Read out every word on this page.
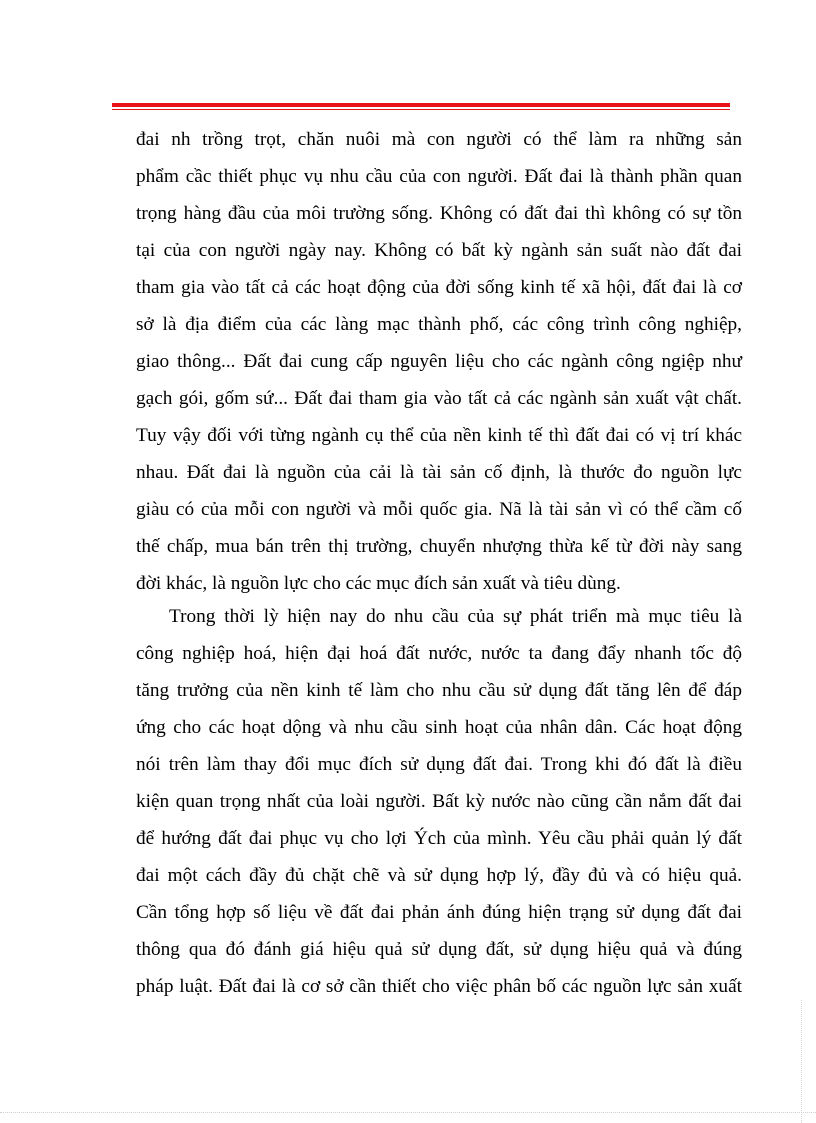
đai nh trồng trọt, chăn nuôi mà con người có thể làm ra những sản
phẩm cầc thiết phục vụ nhu cầu của con người. Đất đai là thành phần quan
trọng hàng đầu của môi trường sống. Không có đất đai thì không có sự tồn
tại của con người ngày nay. Không có bất kỳ ngành sản suất nào đất đai
tham gia vào tất cả các hoạt động của đời sống kinh tế xã hội, đất đai là cơ
sở là địa điểm của các làng mạc thành phố, các công trình công nghiệp,
giao thông... Đất đai cung cấp nguyên liệu cho các ngành công ngiệp như
gạch gói, gốm sứ... Đất đai tham gia vào tất cả các ngành sản xuất vật chất.
Tuy vậy đối với từng ngành cụ thể của nền kinh tế thì đất đai có vị trí khác
nhau. Đất đai là nguồn của cải là tài sản cố định, là thước đo nguồn lực
giàu có của mỗi con người và mỗi quốc gia. Nã là tài sản vì có thể cầm cố
thế chấp, mua bán trên thị trường, chuyển nhượng thừa kế từ đời này sang
đời khác, là nguồn lực cho các mục đích sản xuất và tiêu dùng.
Trong thời lỳ hiện nay do nhu cầu của sự phát triển mà mục tiêu là
công nghiệp hoá, hiện đại hoá đất nước, nước ta đang đẩy nhanh tốc độ
tăng trưởng của nền kinh tế làm cho nhu cầu sử dụng đất tăng lên để đáp
ứng cho các hoạt dộng và nhu cầu sinh hoạt của nhân dân. Các hoạt động
nói trên làm thay đổi mục đích sử dụng đất đai. Trong khi đó đất là điều
kiện quan trọng nhất của loài người. Bất kỳ nước nào cũng cần nắm đất đai
để hướng đất đai phục vụ cho lợi Ých của mình. Yêu cầu phải quản lý đất
đai một cách đầy đủ chặt chẽ và sử dụng hợp lý, đầy đủ và có hiệu quả.
Cần tổng hợp số liệu về đất đai phản ánh đúng hiện trạng sử dụng đất đai
thông qua đó đánh giá hiệu quả sử dụng đất, sử dụng hiệu quả và đúng
pháp luật. Đất đai là cơ sở cần thiết cho việc phân bố các nguồn lực sản xuất
